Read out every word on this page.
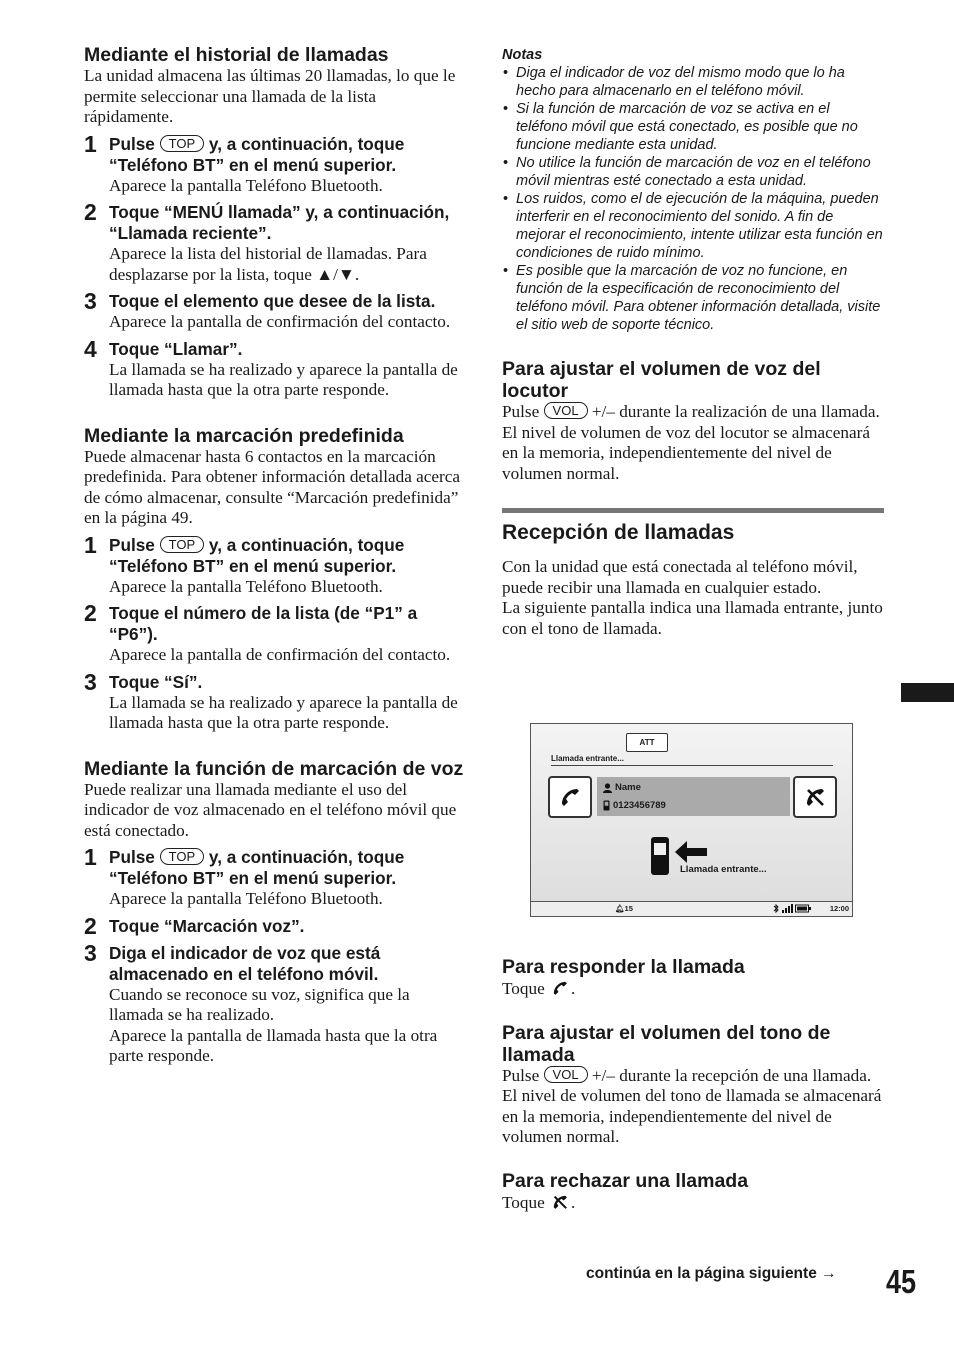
Mediante el historial de llamadas
La unidad almacena las últimas 20 llamadas, lo que le permite seleccionar una llamada de la lista rápidamente.
1 Pulse TOP y, a continuación, toque “Teléfono BT” en el menú superior.
Aparece la pantalla Teléfono Bluetooth.
2 Toque “MENÚ llamada” y, a continuación, “Llamada reciente”.
Aparece la lista del historial de llamadas. Para desplazarse por la lista, toque ▲/▼.
3 Toque el elemento que desee de la lista.
Aparece la pantalla de confirmación del contacto.
4 Toque “Llamar”.
La llamada se ha realizado y aparece la pantalla de llamada hasta que la otra parte responde.
Mediante la marcación predefinida
Puede almacenar hasta 6 contactos en la marcación predefinida. Para obtener información detallada acerca de cómo almacenar, consulte “Marcación predefinida” en la página 49.
1 Pulse TOP y, a continuación, toque “Teléfono BT” en el menú superior.
Aparece la pantalla Teléfono Bluetooth.
2 Toque el número de la lista (de “P1” a “P6”).
Aparece la pantalla de confirmación del contacto.
3 Toque “Sí”.
La llamada se ha realizado y aparece la pantalla de llamada hasta que la otra parte responde.
Mediante la función de marcación de voz
Puede realizar una llamada mediante el uso del indicador de voz almacenado en el teléfono móvil que está conectado.
1 Pulse TOP y, a continuación, toque “Teléfono BT” en el menú superior.
Aparece la pantalla Teléfono Bluetooth.
2 Toque “Marcación voz”.
3 Diga el indicador de voz que está almacenado en el teléfono móvil.
Cuando se reconoce su voz, significa que la llamada se ha realizado.
Aparece la pantalla de llamada hasta que la otra parte responde.
Notas
• Diga el indicador de voz del mismo modo que lo ha hecho para almacenarlo en el teléfono móvil.
• Si la función de marcación de voz se activa en el teléfono móvil que está conectado, es posible que no funcione mediante esta unidad.
• No utilice la función de marcación de voz en el teléfono móvil mientras esté conectado a esta unidad.
• Los ruidos, como el de ejecución de la máquina, pueden interferir en el reconocimiento del sonido. A fin de mejorar el reconocimiento, intente utilizar esta función en condiciones de ruido mínimo.
• Es posible que la marcación de voz no funcione, en función de la especificación de reconocimiento del teléfono móvil. Para obtener información detallada, visite el sitio web de soporte técnico.
Para ajustar el volumen de voz del locutor
Pulse VOL +/– durante la realización de una llamada.
El nivel de volumen de voz del locutor se almacenará en la memoria, independientemente del nivel de volumen normal.
Recepción de llamadas
Con la unidad que está conectada al teléfono móvil, puede recibir una llamada en cualquier estado.
La siguiente pantalla indica una llamada entrante, junto con el tono de llamada.
ATT
Llamada entrante...
Name
0123456789
Llamada entrante...
🔔︎15
	12:00
Para responder la llamada
Toque .
Para ajustar el volumen del tono de llamada
Pulse VOL +/– durante la recepción de una llamada.
El nivel de volumen del tono de llamada se almacenará en la memoria, independientemente del nivel de volumen normal.
Para rechazar una llamada
Toque .
continúa en la página siguiente → 45
